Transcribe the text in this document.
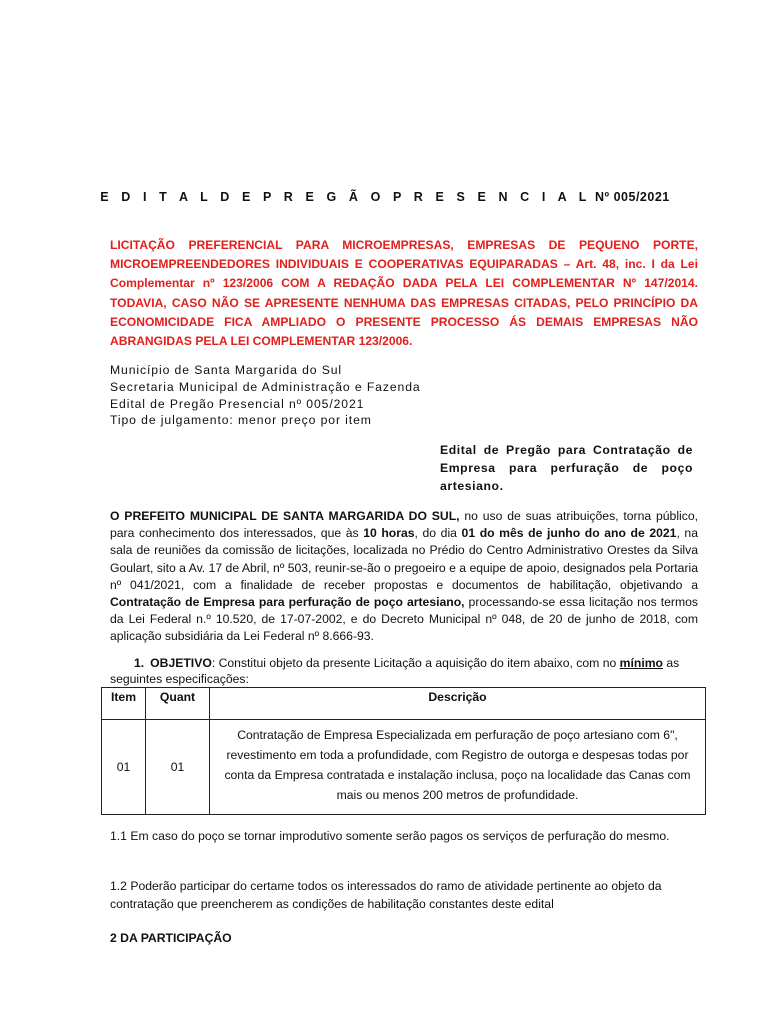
E D I T A L D E P R E G Ã O P R E S E N C I A L Nº 005/2021
LICITAÇÃO PREFERENCIAL PARA MICROEMPRESAS, EMPRESAS DE PEQUENO PORTE, MICROEMPREENDEDORES INDIVIDUAIS E COOPERATIVAS EQUIPARADAS – Art. 48, inc. I da Lei Complementar nº 123/2006 COM A REDAÇÃO DADA PELA LEI COMPLEMENTAR Nº 147/2014. TODAVIA, CASO NÃO SE APRESENTE NENHUMA DAS EMPRESAS CITADAS, PELO PRINCÍPIO DA ECONOMICIDADE FICA AMPLIADO O PRESENTE PROCESSO ÁS DEMAIS EMPRESAS NÃO ABRANGIDAS PELA LEI COMPLEMENTAR 123/2006.
Município de Santa Margarida do Sul
Secretaria Municipal de Administração e Fazenda
Edital de Pregão Presencial nº 005/2021
Tipo de julgamento: menor preço por item
Edital de Pregão para Contratação de Empresa para perfuração de poço artesiano.
O PREFEITO MUNICIPAL DE SANTA MARGARIDA DO SUL, no uso de suas atribuições, torna público, para conhecimento dos interessados, que às 10 horas, do dia 01 do mês de junho do ano de 2021, na sala de reuniões da comissão de licitações, localizada no Prédio do Centro Administrativo Orestes da Silva Goulart, sito a Av. 17 de Abril, nº 503, reunir-se-ão o pregoeiro e a equipe de apoio, designados pela Portaria nº 041/2021, com a finalidade de receber propostas e documentos de habilitação, objetivando a Contratação de Empresa para perfuração de poço artesiano, processando-se essa licitação nos termos da Lei Federal n.º 10.520, de 17-07-2002, e do Decreto Municipal nº 048, de 20 de junho de 2018, com aplicação subsidiária da Lei Federal nº 8.666-93.
1. OBJETIVO: Constitui objeto da presente Licitação a aquisição do item abaixo, com no mínimo as seguintes especificações:
Item	Quant	Descrição
01	01	Contratação de Empresa Especializada em perfuração de poço artesiano com 6", revestimento em toda a profundidade, com Registro de outorga e despesas todas por conta da Empresa contratada e instalação inclusa, poço na localidade das Canas com mais ou menos 200 metros de profundidade.
1.1 Em caso do poço se tornar improdutivo somente serão pagos os serviços de perfuração do mesmo.
1.2 Poderão participar do certame todos os interessados do ramo de atividade pertinente ao objeto da contratação que preencherem as condições de habilitação constantes deste edital
2 DA PARTICIPAÇÃO
